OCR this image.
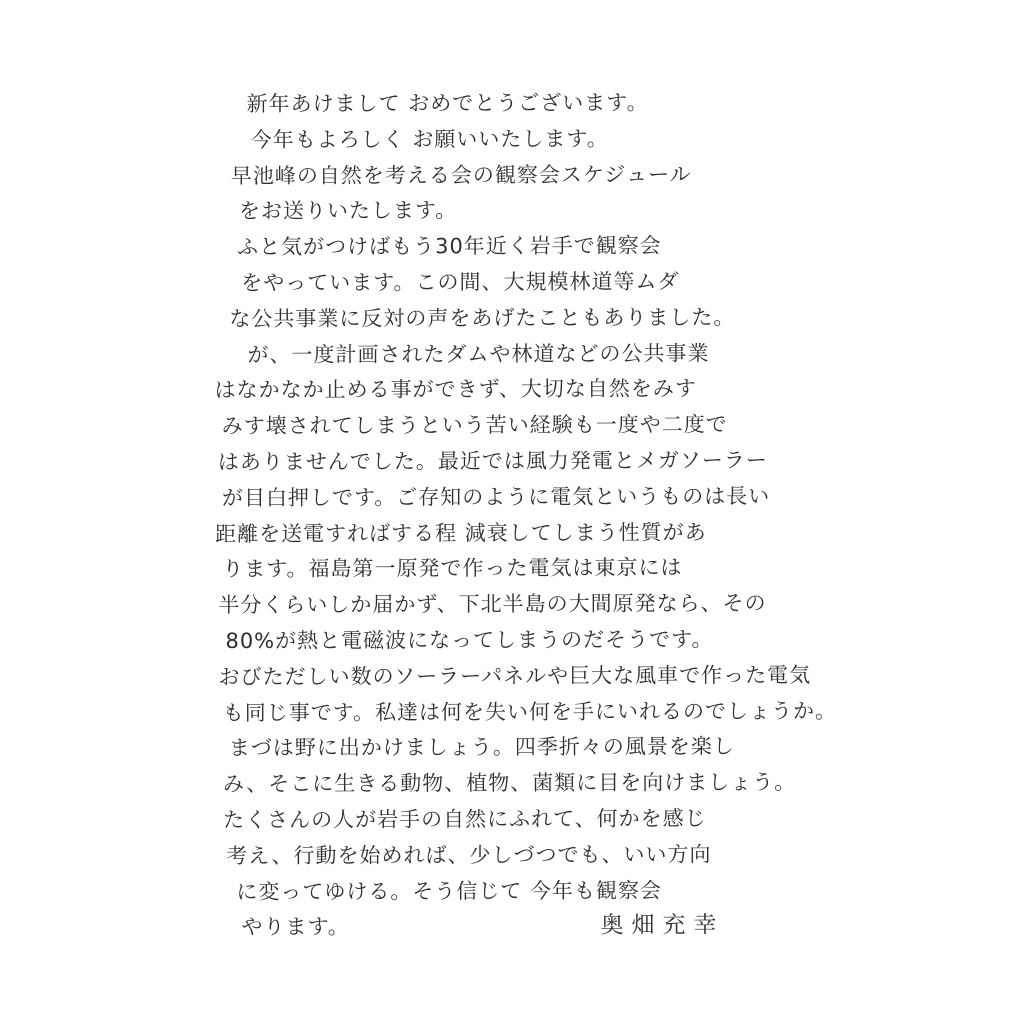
新年あけまして おめでとうございます。
今年もよろしく お願いいたします。
早池峰の自然を考える会の観察会スケジュール
をお送りいたします。
ふと気がつけばもう30年近く岩手で観察会
をやっています。この間、大規模林道等ムダ
な公共事業に反対の声をあげたこともありました。
が、一度計画されたダムや林道などの公共事業
はなかなか止める事ができず、大切な自然をみす
みす壊されてしまうという苦い経験も一度や二度で
はありませんでした。最近では風力発電とメガソーラー
が目白押しです。ご存知のように電気というものは長い
距離を送電すればする程 減衰してしまう性質があ
ります。福島第一原発で作った電気は東京には
半分くらいしか届かず、下北半島の大間原発なら、その
80%が熱と電磁波になってしまうのだそうです。
おびただしい数のソーラーパネルや巨大な風車で作った電気
も同じ事です。私達は何を失い何を手にいれるのでしょうか。
まづは野に出かけましょう。四季折々の風景を楽し
み、そこに生きる動物、植物、菌類に目を向けましょう。
たくさんの人が岩手の自然にふれて、何かを感じ
考え、行動を始めれば、少しづつでも、いい方向
に変ってゆける。そう信じて 今年も観察会
やります。	奥畑充幸
